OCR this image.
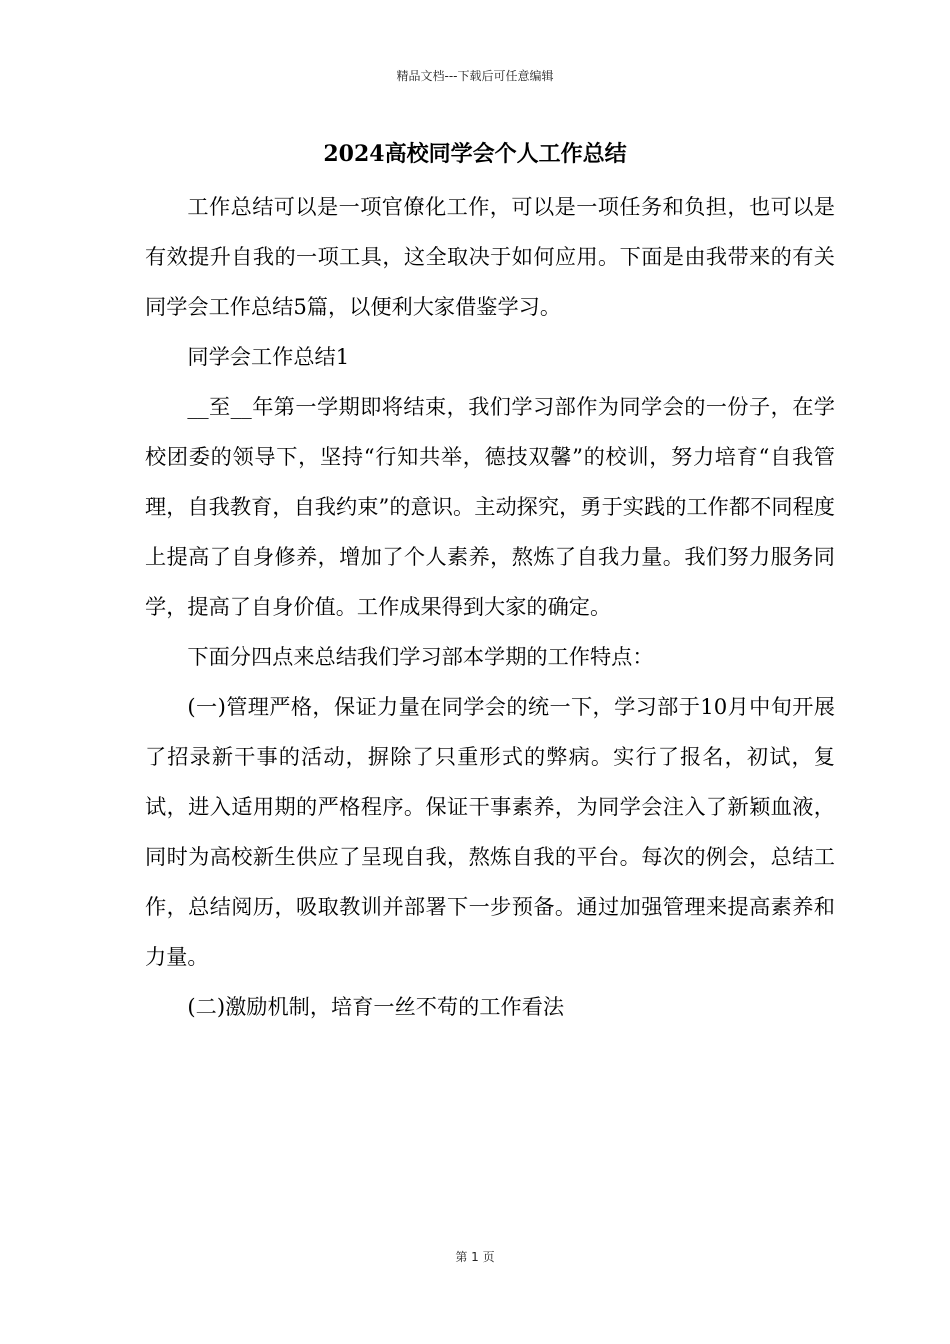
精品文档---下载后可任意编辑
2024高校同学会个人工作总结

工作总结可以是一项官僚化工作，可以是一项任务和负担，也可以是有效提升自我的一项工具，这全取决于如何应用。下面是由我带来的有关同学会工作总结5篇，以便利大家借鉴学习。

同学会工作总结1

__至__年第一学期即将结束，我们学习部作为同学会的一份子，在学校团委的领导下，坚持“行知共举，德技双馨”的校训，努力培育“自我管理，自我教育，自我约束”的意识。主动探究，勇于实践的工作都不同程度上提高了自身修养，增加了个人素养，熬炼了自我力量。我们努力服务同学，提高了自身价值。工作成果得到大家的确定。

下面分四点来总结我们学习部本学期的工作特点：

(一)管理严格，保证力量在同学会的统一下，学习部于10月中旬开展了招录新干事的活动，摒除了只重形式的弊病。实行了报名，初试，复试，进入适用期的严格程序。保证干事素养，为同学会注入了新颖血液，同时为高校新生供应了呈现自我，熬炼自我的平台。每次的例会，总结工作，总结阅历，吸取教训并部署下一步预备。通过加强管理来提高素养和力量。

(二)激励机制，培育一丝不苟的工作看法

第 1 页
